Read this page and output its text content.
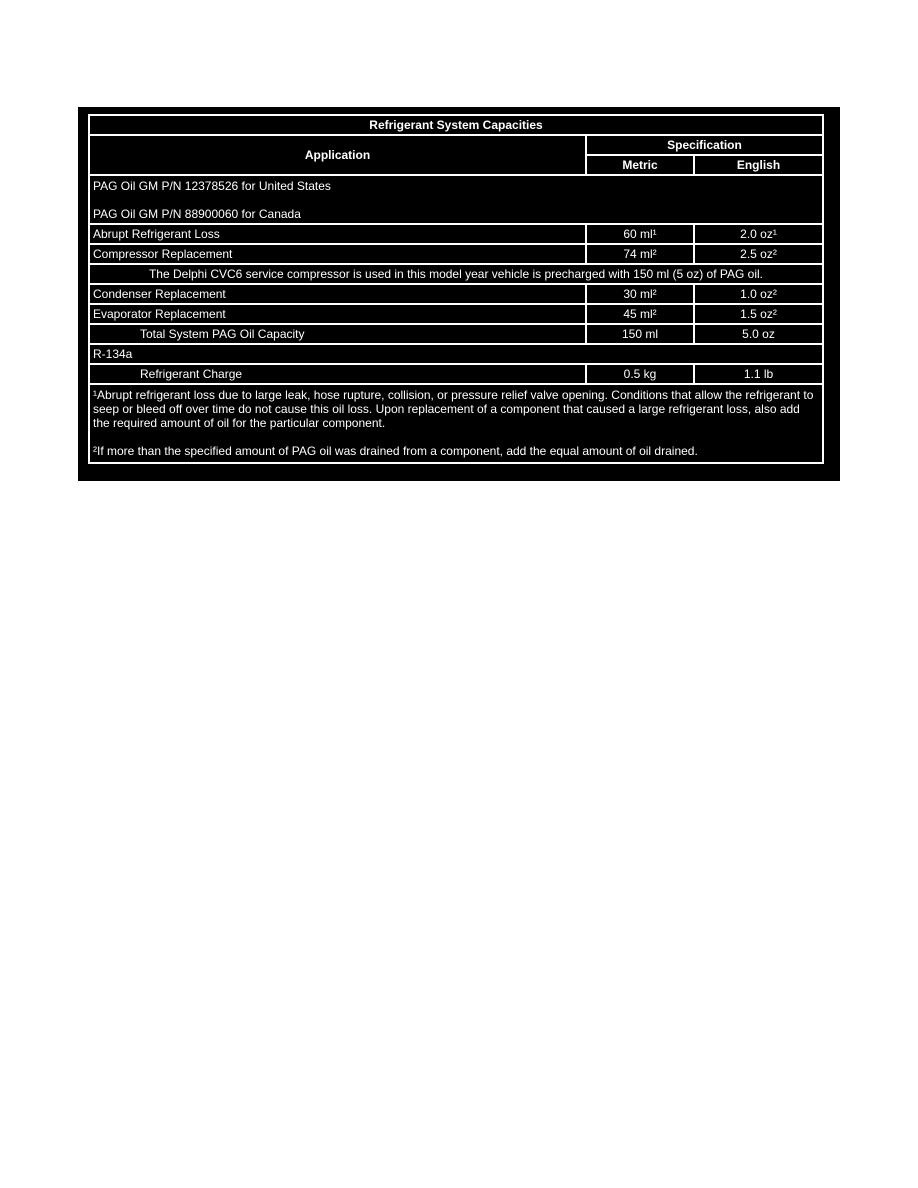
Refrigerant System Capacities		
Application	Specification	
	Metric	English

PAG Oil GM P/N 12378526 for United States
PAG Oil GM P/N 88900060 for Canada		

Abrupt Refrigerant Loss	60 ml¹	2.0 oz¹
Compressor Replacement	74 ml²	2.5 oz²
The Delphi CVC6 service compressor is used in this model year vehicle is precharged with 150 ml (5 oz) of PAG oil.		
Condenser Replacement	30 ml²	1.0 oz²
Evaporator Replacement	45 ml²	1.5 oz²
Total System PAG Oil Capacity	150 ml	5.0 oz
R-134a		
Refrigerant Charge	0.5 kg	1.1 lb

¹Abrupt refrigerant loss due to large leak, hose rupture, collision, or pressure relief valve opening. Conditions that allow the refrigerant to seep or bleed off over time do not cause this oil loss. Upon replacement of a component that caused a large refrigerant loss, also add the required amount of oil for the particular component.

²If more than the specified amount of PAG oil was drained from a component, add the equal amount of oil drained.		
